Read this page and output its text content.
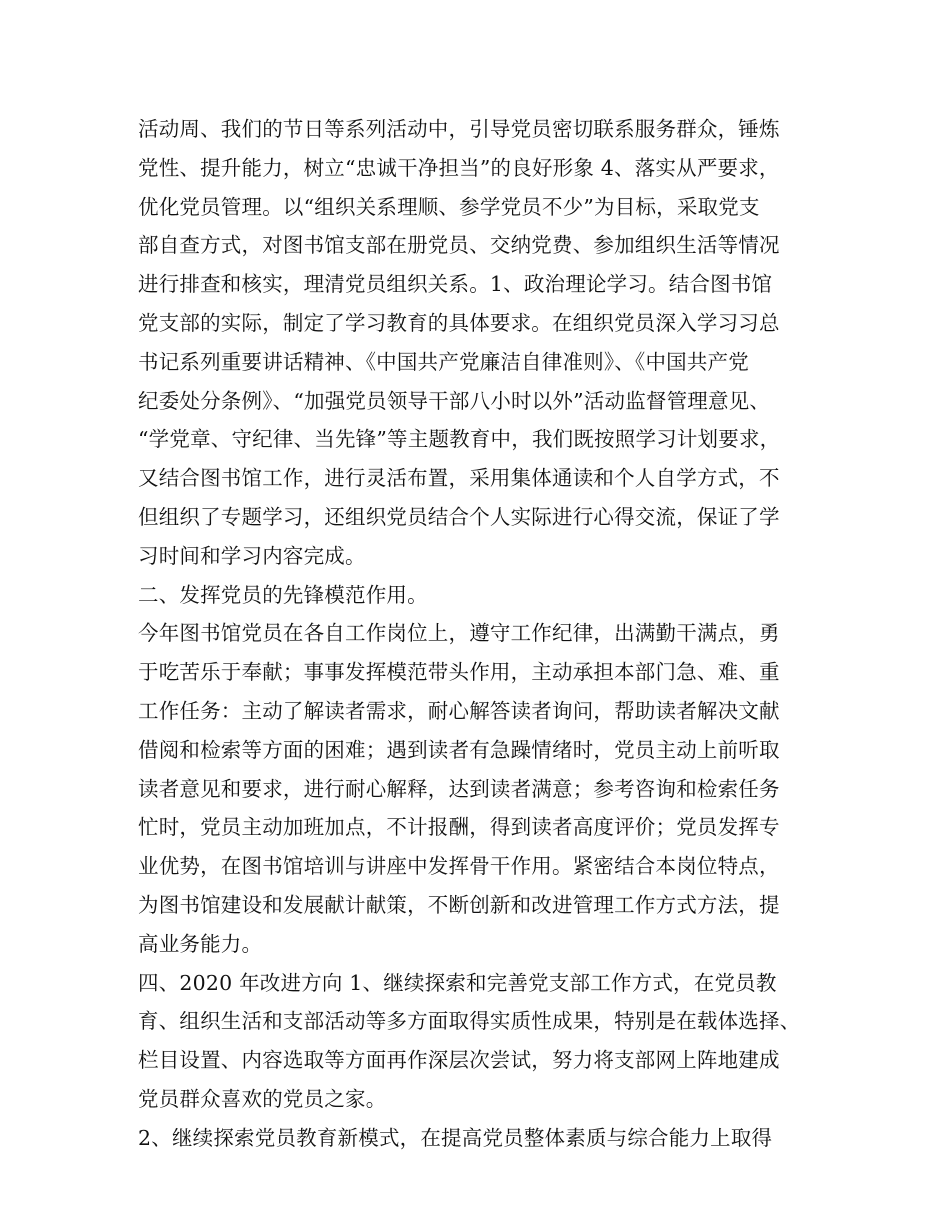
活动周、我们的节日等系列活动中，引导党员密切联系服务群众，锤炼
党性、提升能力，树立“忠诚干净担当”的良好形象 4、落实从严要求，
优化党员管理。以“组织关系理顺、参学党员不少”为目标，采取党支
部自查方式，对图书馆支部在册党员、交纳党费、参加组织生活等情况
进行排查和核实，理清党员组织关系。1、政治理论学习。结合图书馆
党支部的实际，制定了学习教育的具体要求。在组织党员深入学习习总
书记系列重要讲话精神、《中国共产党廉洁自律准则》、《中国共产党
纪委处分条例》、“加强党员领导干部八小时以外”活动监督管理意见、
“学党章、守纪律、当先锋”等主题教育中，我们既按照学习计划要求，
又结合图书馆工作，进行灵活布置，采用集体通读和个人自学方式，不
但组织了专题学习，还组织党员结合个人实际进行心得交流，保证了学
习时间和学习内容完成。
二、发挥党员的先锋模范作用。
今年图书馆党员在各自工作岗位上，遵守工作纪律，出满勤干满点，勇
于吃苦乐于奉献；事事发挥模范带头作用，主动承担本部门急、难、重
工作任务：主动了解读者需求，耐心解答读者询问，帮助读者解决文献
借阅和检索等方面的困难；遇到读者有急躁情绪时，党员主动上前听取
读者意见和要求，进行耐心解释，达到读者满意；参考咨询和检索任务
忙时，党员主动加班加点，不计报酬，得到读者高度评价；党员发挥专
业优势，在图书馆培训与讲座中发挥骨干作用。紧密结合本岗位特点，
为图书馆建设和发展献计献策，不断创新和改进管理工作方式方法，提
高业务能力。
四、2020 年改进方向 1、继续探索和完善党支部工作方式，在党员教
育、组织生活和支部活动等多方面取得实质性成果，特别是在载体选择、
栏目设置、内容选取等方面再作深层次尝试，努力将支部网上阵地建成
党员群众喜欢的党员之家。
2、继续探索党员教育新模式，在提高党员整体素质与综合能力上取得
